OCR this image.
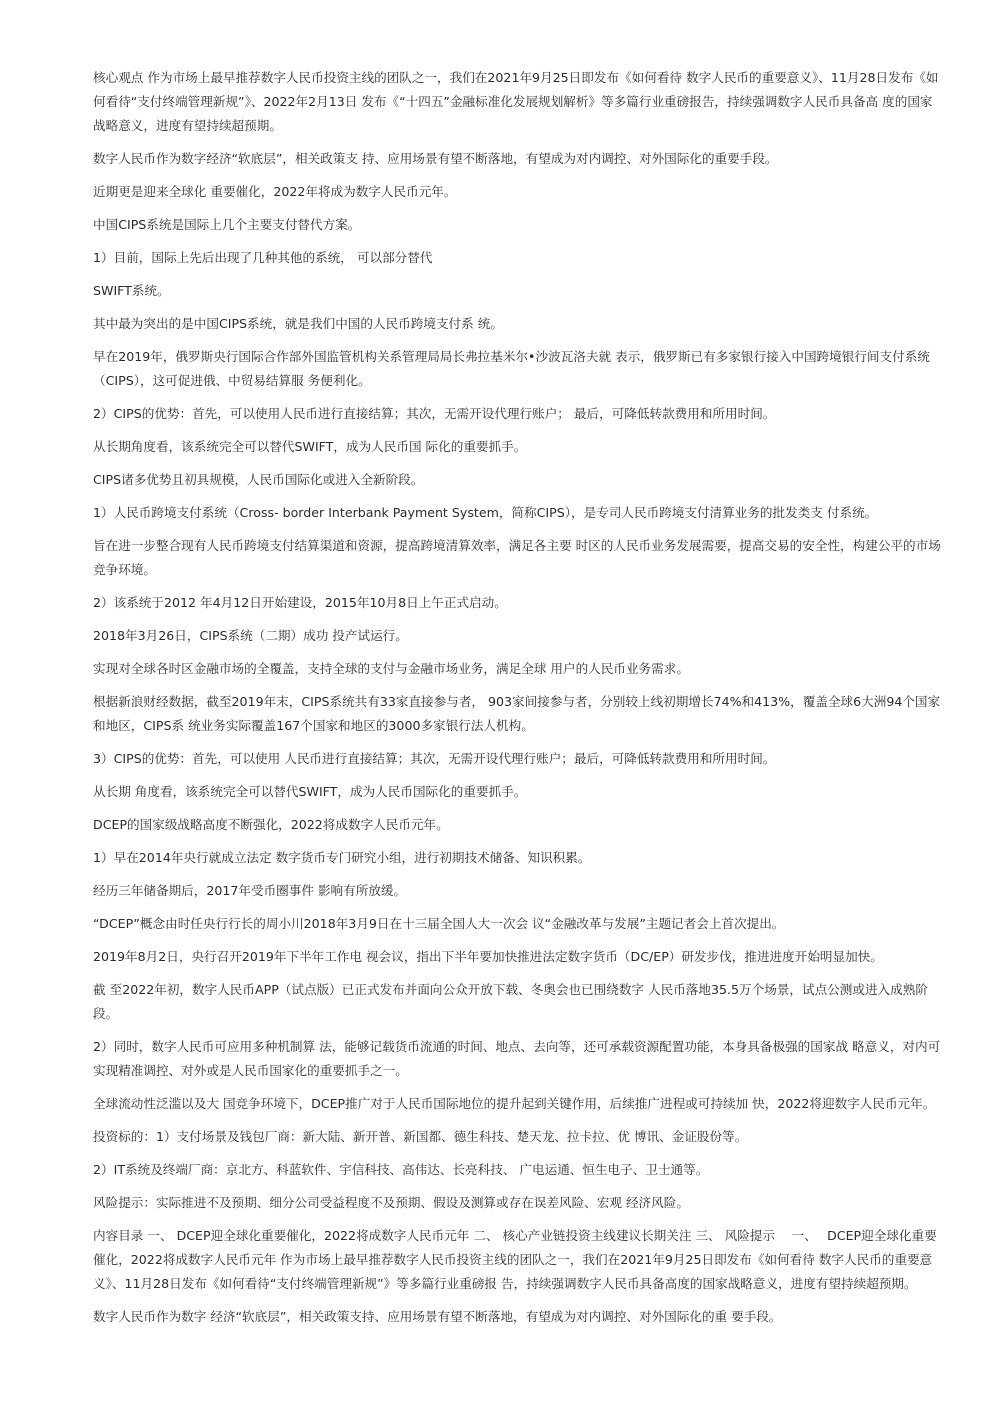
核心观点 作为市场上最早推荐数字人民币投资主线的团队之一，我们在2021年9月25日即发布《如何看待 数字人民币的重要意义》、11月28日发布《如何看待“支付终端管理新规”》、2022年2月13日 发布《“十四五”金融标准化发展规划解析》等多篇行业重磅报告，持续强调数字人民币具备高 度的国家战略意义，进度有望持续超预期。

数字人民币作为数字经济“软底层”，相关政策支 持、应用场景有望不断落地，有望成为对内调控、对外国际化的重要手段。

近期更是迎来全球化 重要催化，2022年将成为数字人民币元年。

中国CIPS系统是国际上几个主要支付替代方案。

1）目前，国际上先后出现了几种其他的系统， 可以部分替代

SWIFT系统。

其中最为突出的是中国CIPS系统，就是我们中国的人民币跨境支付系 统。

早在2019年，俄罗斯央行国际合作部外国监管机构关系管理局局长弗拉基米尔•沙波瓦洛夫就 表示，俄罗斯已有多家银行接入中国跨境银行间支付系统（CIPS），这可促进俄、中贸易结算服 务便利化。

2）CIPS的优势：首先，可以使用人民币进行直接结算；其次，无需开设代理行账户； 最后，可降低转款费用和所用时间。

从长期角度看，该系统完全可以替代SWIFT，成为人民币国 际化的重要抓手。

CIPS诸多优势且初具规模，人民币国际化或进入全新阶段。

1）人民币跨境支付系统（Cross- border Interbank Payment System，简称CIPS），是专司人民币跨境支付清算业务的批发类支 付系统。

旨在进一步整合现有人民币跨境支付结算渠道和资源，提高跨境清算效率，满足各主要 时区的人民币业务发展需要，提高交易的安全性，构建公平的市场竞争环境。

2）该系统于2012 年4月12日开始建设，2015年10月8日上午正式启动。

2018年3月26日，CIPS系统（二期）成功 投产试运行。

实现对全球各时区金融市场的全覆盖，支持全球的支付与金融市场业务，满足全球 用户的人民币业务需求。

根据新浪财经数据，截至2019年末，CIPS系统共有33家直接参与者， 903家间接参与者，分别较上线初期增长74%和413%，覆盖全球6大洲94个国家和地区，CIPS系 统业务实际覆盖167个国家和地区的3000多家银行法人机构。

3）CIPS的优势：首先，可以使用 人民币进行直接结算；其次，无需开设代理行账户；最后，可降低转款费用和所用时间。

从长期 角度看，该系统完全可以替代SWIFT，成为人民币国际化的重要抓手。

DCEP的国家级战略高度不断强化，2022将成数字人民币元年。

1）早在2014年央行就成立法定 数字货币专门研究小组，进行初期技术储备、知识积累。

经历三年储备期后，2017年受币圈事件 影响有所放缓。

“DCEP”概念由时任央行行长的周小川2018年3月9日在十三届全国人大一次会 议“金融改革与发展”主题记者会上首次提出。

2019年8月2日，央行召开2019年下半年工作电 视会议，指出下半年要加快推进法定数字货币（DC/EP）研发步伐，推进进度开始明显加快。

截 至2022年初，数字人民币APP（试点版）已正式发布并面向公众开放下载、冬奥会也已围绕数字 人民币落地35.5万个场景，试点公测或进入成熟阶段。

2）同时，数字人民币可应用多种机制算 法，能够记载货币流通的时间、地点、去向等，还可承载资源配置功能，本身具备极强的国家战 略意义，对内可实现精准调控、对外或是人民币国家化的重要抓手之一。

全球流动性泛滥以及大 国竞争环境下，DCEP推广对于人民币国际地位的提升起到关键作用，后续推广进程或可持续加 快，2022将迎数字人民币元年。

投资标的：1）支付场景及钱包厂商：新大陆、新开普、新国都、德生科技、楚天龙、拉卡拉、优 博讯、金证股份等。

2）IT系统及终端厂商：京北方、科蓝软件、宇信科技、高伟达、长亮科技、 广电运通、恒生电子、卫士通等。

风险提示：实际推进不及预期、细分公司受益程度不及预期、假设及测算或存在误差风险、宏观 经济风险。

内容目录 一、 DCEP迎全球化重要催化，2022将成数字人民币元年 二、 核心产业链投资主线建议长期关注 三、 风险提示 　一、　 DCEP迎全球化重要催化，2022将成数字人民币元年 作为市场上最早推荐数字人民币投资主线的团队之一，我们在2021年9月25日即发布《如何看待 数字人民币的重要意义》、11月28日发布《如何看待“支付终端管理新规”》等多篇行业重磅报 告，持续强调数字人民币具备高度的国家战略意义，进度有望持续超预期。

数字人民币作为数字 经济“软底层”，相关政策支持、应用场景有望不断落地，有望成为对内调控、对外国际化的重 要手段。
